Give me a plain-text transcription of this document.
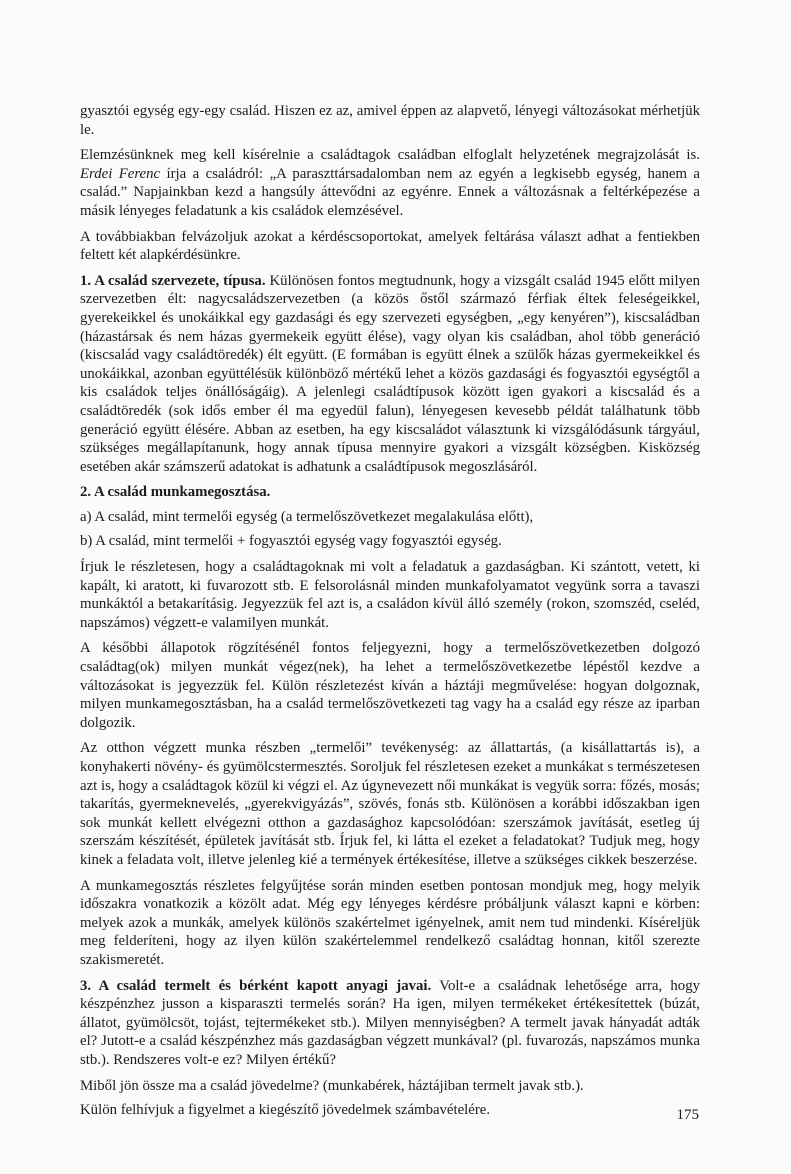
gyasztói egység egy-egy család. Hiszen ez az, amivel éppen az alapvető, lényegi változásokat mérhetjük le.

Elemzésünknek meg kell kísérelnie a családtagok családban elfoglalt helyzetének megrajzolását is. Erdei Ferenc írja a családról: „A paraszttársadalomban nem az egyén a legkisebb egység, hanem a család.” Napjainkban kezd a hangsúly áttevődni az egyénre. Ennek a változásnak a feltérképezése a másik lényeges feladatunk a kis családok elemzésével.

A továbbiakban felvázoljuk azokat a kérdéscsoportokat, amelyek feltárása választ adhat a fentiekben feltett két alapkérdésünkre.

1. A család szervezete, típusa. Különösen fontos megtudnunk, hogy a vizsgált család 1945 előtt milyen szervezetben élt: nagycsaládszervezetben (a közös őstől származó férfiak éltek feleségeikkel, gyerekeikkel és unokáikkal egy gazdasági és egy szervezeti egységben, „egy kenyéren”), kiscsaládban (házastársak és nem házas gyermekeik együtt élése), vagy olyan kis családban, ahol több generáció (kiscsalád vagy családtöredék) élt együtt. (E formában is együtt élnek a szülők házas gyermekeikkel és unokáikkal, azonban együttélésük különböző mértékű lehet a közös gazdasági és fogyasztói egységtől a kis családok teljes önállóságáig). A jelenlegi családtípusok között igen gyakori a kiscsalád és a családtöredék (sok idős ember él ma egyedül falun), lényegesen kevesebb példát találhatunk több generáció együtt élésére. Abban az esetben, ha egy kiscsaládot választunk ki vizsgálódásunk tárgyául, szükséges megállapítanunk, hogy annak típusa mennyire gyakori a vizsgált községben. Kisközség esetében akár számszerű adatokat is adhatunk a családtípusok megoszlásáról.

2. A család munkamegosztása.

a) A család, mint termelői egység (a termelőszövetkezet megalakulása előtt),

b) A család, mint termelői + fogyasztói egység vagy fogyasztói egység.

Írjuk le részletesen, hogy a családtagoknak mi volt a feladatuk a gazdaságban. Ki szántott, vetett, ki kapált, ki aratott, ki fuvarozott stb. E felsorolásnál minden munkafolyamatot vegyünk sorra a tavaszi munkáktól a betakarításig. Jegyezzük fel azt is, a családon kívül álló személy (rokon, szomszéd, cseléd, napszámos) végzett-e valamilyen munkát.

A későbbi állapotok rögzítésénél fontos feljegyezni, hogy a termelőszövetkezetben dolgozó családtag(ok) milyen munkát végez(nek), ha lehet a termelőszövetkezetbe lépéstől kezdve a változásokat is jegyezzük fel. Külön részletezést kíván a háztáji megművelése: hogyan dolgoznak, milyen munkamegosztásban, ha a család termelőszövetkezeti tag vagy ha a család egy része az iparban dolgozik.

Az otthon végzett munka részben „termelői” tevékenység: az állattartás, (a kisállattartás is), a konyhakerti növény- és gyümölcstermesztés. Soroljuk fel részletesen ezeket a munkákat s természetesen azt is, hogy a családtagok közül ki végzi el. Az úgynevezett női munkákat is vegyük sorra: főzés, mosás; takarítás, gyermeknevelés, „gyerekvigyázás”, szövés, fonás stb. Különösen a korábbi időszakban igen sok munkát kellett elvégezni otthon a gazdasághoz kapcsolódóan: szerszámok javítását, esetleg új szerszám készítését, épületek javítását stb. Írjuk fel, ki látta el ezeket a feladatokat? Tudjuk meg, hogy kinek a feladata volt, illetve jelenleg kié a termények értékesítése, illetve a szükséges cikkek beszerzése.

A munkamegosztás részletes felgyűjtése során minden esetben pontosan mondjuk meg, hogy melyik időszakra vonatkozik a közölt adat. Még egy lényeges kérdésre próbáljunk választ kapni e körben: melyek azok a munkák, amelyek különös szakértelmet igényelnek, amit nem tud mindenki. Kíséreljük meg felderíteni, hogy az ilyen külön szakértelemmel rendelkező családtag honnan, kitől szerezte szakismeretét.

3. A család termelt és bérként kapott anyagi javai. Volt-e a családnak lehetősége arra, hogy készpénzhez jusson a kisparaszti termelés során? Ha igen, milyen termékeket értékesítettek (búzát, állatot, gyümölcsöt, tojást, tejtermékeket stb.). Milyen mennyiségben? A termelt javak hányadát adták el? Jutott-e a család készpénzhez más gazdaságban végzett munkával? (pl. fuvarozás, napszámos munka stb.). Rendszeres volt-e ez? Milyen értékű?

Miből jön össze ma a család jövedelme? (munkabérek, háztájiban termelt javak stb.).

Külön felhívjuk a figyelmet a kiegészítő jövedelmek számbavételére.	175
